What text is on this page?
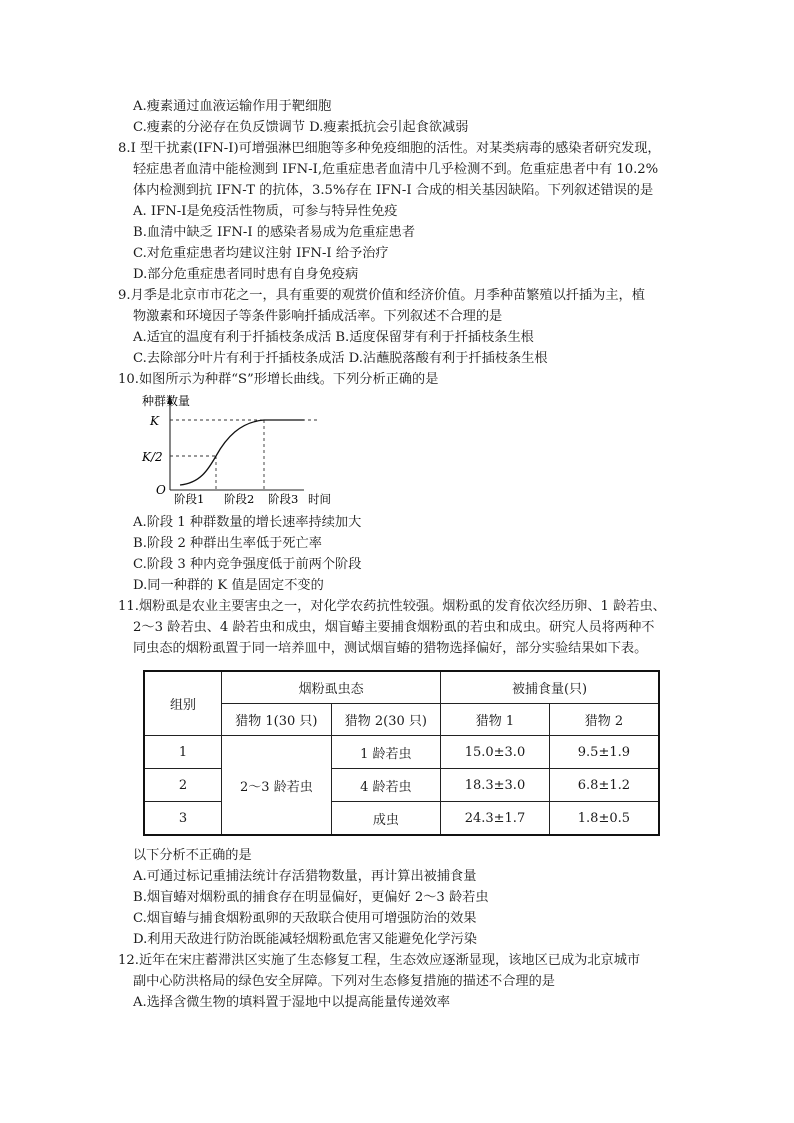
A.瘦素通过血液运输作用于靶细胞
C.瘦素的分泌存在负反馈调节 D.瘦素抵抗会引起食欲减弱
8.I 型干扰素(IFN-I)可增强淋巴细胞等多种免疫细胞的活性。对某类病毒的感染者研究发现，
轻症患者血清中能检测到 IFN-I,危重症患者血清中几乎检测不到。危重症患者中有 10.2%
体内检测到抗 IFN-T 的抗体，3.5%存在 IFN-I 合成的相关基因缺陷。下列叙述错误的是
A. IFN-I是免疫活性物质，可参与特异性免疫
B.血清中缺乏 IFN-I 的感染者易成为危重症患者
C.对危重症患者均建议注射 IFN-I 给予治疗
D.部分危重症患者同时患有自身免疫病
9.月季是北京市市花之一，具有重要的观赏价值和经济价值。月季种苗繁殖以扦插为主，植
物激素和环境因子等条件影响扦插成活率。下列叙述不合理的是
A.适宜的温度有利于扦插枝条成活 B.适度保留芽有利于扦插枝条生根
C.去除部分叶片有利于扦插枝条成活 D.沾蘸脱落酸有利于扦插枝条生根
10.如图所示为种群“S”形增长曲线。下列分析正确的是
种群数量
K
K/2
O
阶段1 阶段2 阶段3 时间
A.阶段 1 种群数量的增长速率持续加大
B.阶段 2 种群出生率低于死亡率
C.阶段 3 种内竞争强度低于前两个阶段
D.同一种群的 K 值是固定不变的
11.烟粉虱是农业主要害虫之一，对化学农药抗性较强。烟粉虱的发育依次经历卵、1 龄若虫、
2～3 龄若虫、4 龄若虫和成虫，烟盲蝽主要捕食烟粉虱的若虫和成虫。研究人员将两种不
同虫态的烟粉虱置于同一培养皿中，测试烟盲蝽的猎物选择偏好，部分实验结果如下表。
组别	烟粉虱虫态		被捕食量(只)	
	猎物 1(30 只)	猎物 2(30 只)	猎物 1	猎物 2
1	2～3 龄若虫	1 龄若虫	15.0±3.0	9.5±1.9
2		4 龄若虫	18.3±3.0	6.8±1.2
3		成虫	24.3±1.7	1.8±0.5
以下分析不正确的是
A.可通过标记重捕法统计存活猎物数量，再计算出被捕食量
B.烟盲蝽对烟粉虱的捕食存在明显偏好，更偏好 2～3 龄若虫
C.烟盲蝽与捕食烟粉虱卵的天敌联合使用可增强防治的效果
D.利用天敌进行防治既能减轻烟粉虱危害又能避免化学污染
12.近年在宋庄蓄滞洪区实施了生态修复工程，生态效应逐渐显现，该地区已成为北京城市
副中心防洪格局的绿色安全屏障。下列对生态修复措施的描述不合理的是
A.选择含微生物的填料置于湿地中以提高能量传递效率
